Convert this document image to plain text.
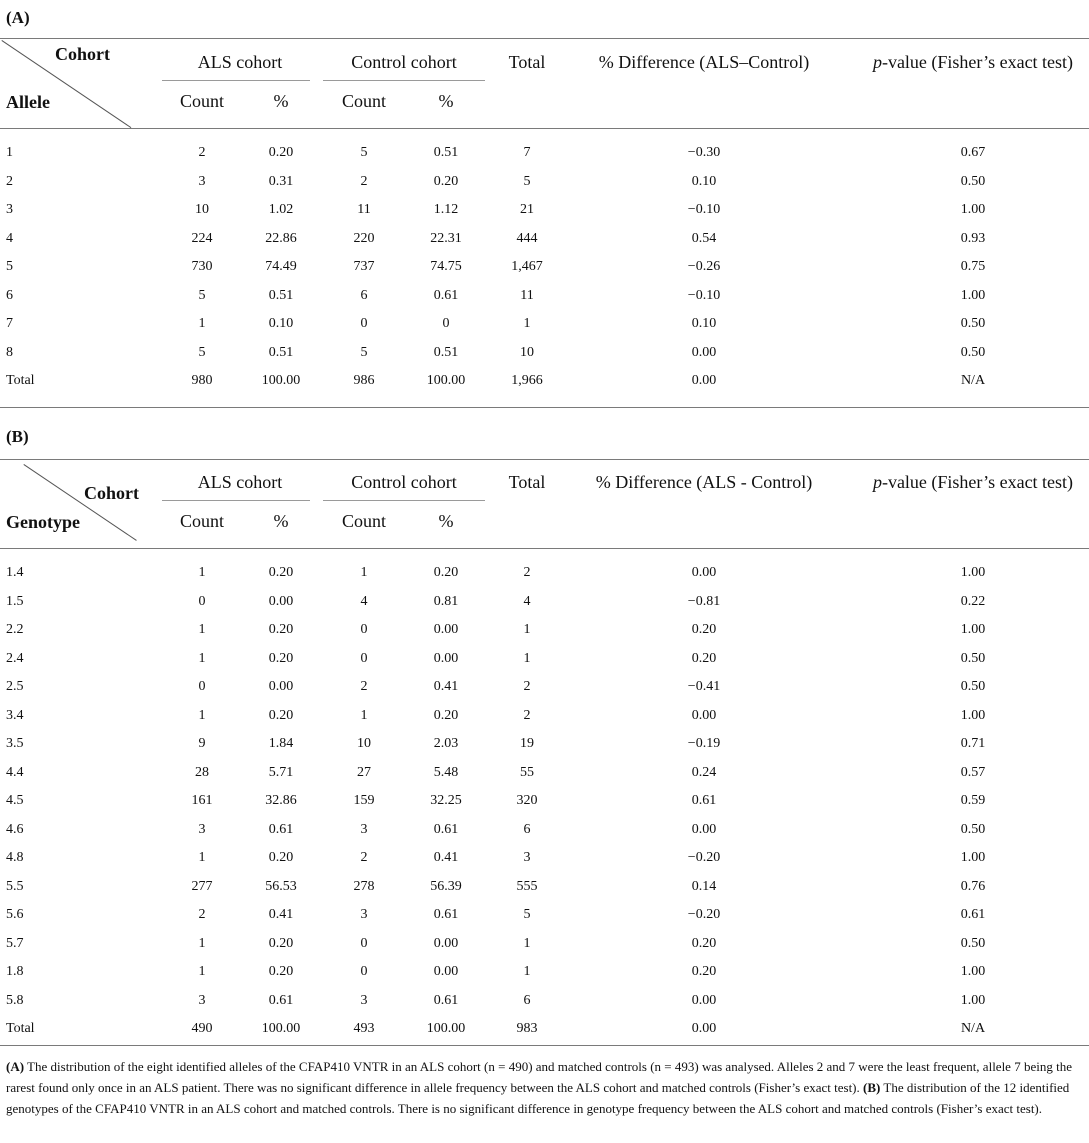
(A)
Cohort
Allele
ALS cohort	Control cohort
Count	%	Count	%
Total	% Difference (ALS–Control)	p-value (Fisher’s exact test)
1	2	0.20	5	0.51	7	−0.30	0.67
2	3	0.31	2	0.20	5	0.10	0.50
3	10	1.02	11	1.12	21	−0.10	1.00
4	224	22.86	220	22.31	444	0.54	0.93
5	730	74.49	737	74.75	1,467	−0.26	0.75
6	5	0.51	6	0.61	11	−0.10	1.00
7	1	0.10	0	0	1	0.10	0.50
8	5	0.51	5	0.51	10	0.00	0.50
Total	980	100.00	986	100.00	1,966	0.00	N/A
(B)
Cohort
Genotype
ALS cohort	Control cohort
Count	%	Count	%
Total	% Difference (ALS - Control)	p-value (Fisher’s exact test)
1.4	1	0.20	1	0.20	2	0.00	1.00
1.5	0	0.00	4	0.81	4	−0.81	0.22
2.2	1	0.20	0	0.00	1	0.20	1.00
2.4	1	0.20	0	0.00	1	0.20	0.50
2.5	0	0.00	2	0.41	2	−0.41	0.50
3.4	1	0.20	1	0.20	2	0.00	1.00
3.5	9	1.84	10	2.03	19	−0.19	0.71
4.4	28	5.71	27	5.48	55	0.24	0.57
4.5	161	32.86	159	32.25	320	0.61	0.59
4.6	3	0.61	3	0.61	6	0.00	0.50
4.8	1	0.20	2	0.41	3	−0.20	1.00
5.5	277	56.53	278	56.39	555	0.14	0.76
5.6	2	0.41	3	0.61	5	−0.20	0.61
5.7	1	0.20	0	0.00	1	0.20	0.50
1.8	1	0.20	0	0.00	1	0.20	1.00
5.8	3	0.61	3	0.61	6	0.00	1.00
Total	490	100.00	493	100.00	983	0.00	N/A
(A) The distribution of the eight identified alleles of the CFAP410 VNTR in an ALS cohort (n = 490) and matched controls (n = 493) was analysed. Alleles 2 and 7 were the least frequent, allele 7 being the rarest found only once in an ALS patient. There was no significant difference in allele frequency between the ALS cohort and matched controls (Fisher’s exact test). (B) The distribution of the 12 identified genotypes of the CFAP410 VNTR in an ALS cohort and matched controls. There is no significant difference in genotype frequency between the ALS cohort and matched controls (Fisher’s exact test).
